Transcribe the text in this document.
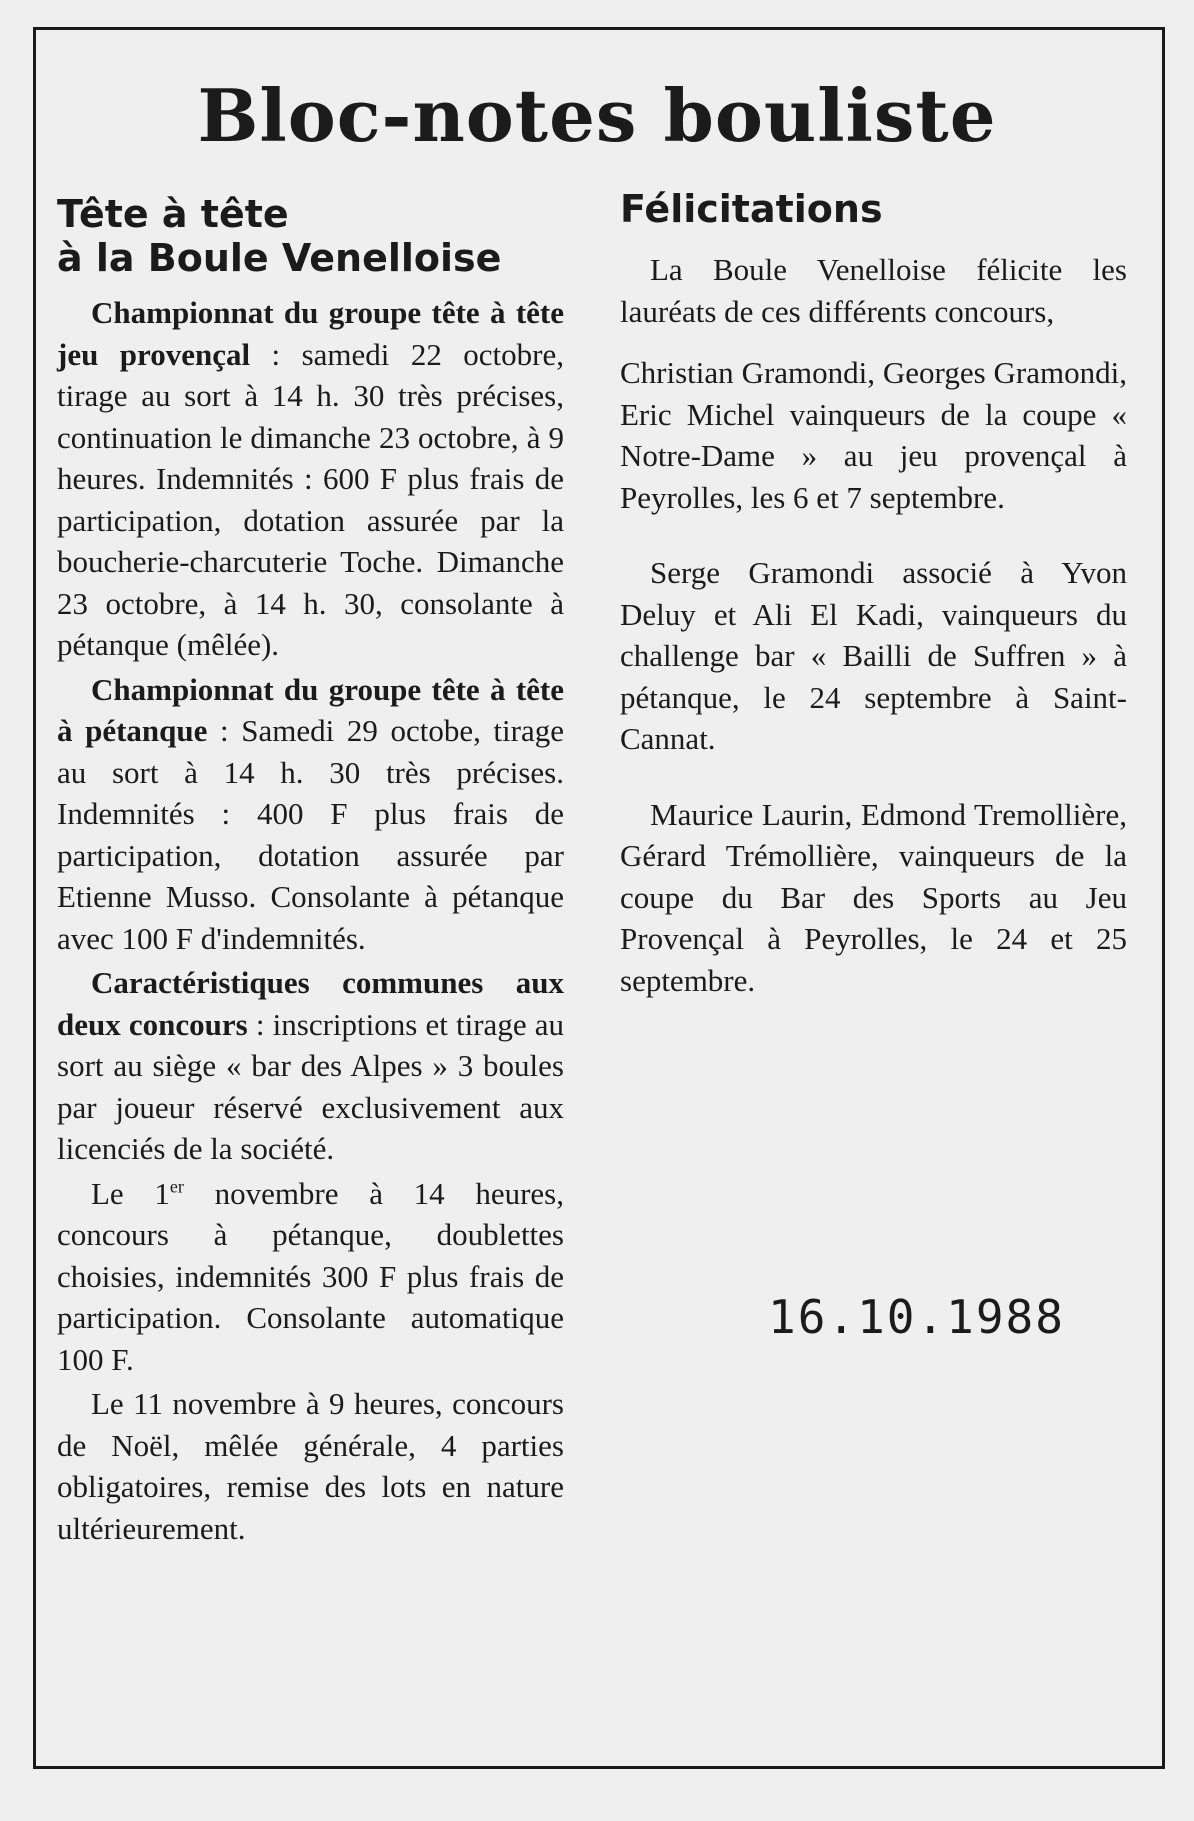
Bloc-notes bouliste
Tête à tête
à la Boule Venelloise

Championnat du groupe tête à tête jeu provençal : samedi 22 octobre, tirage au sort à 14 h. 30 très précises, continuation le dimanche 23 octobre, à 9 heures. Indemnités : 600 F plus frais de participation, dotation assurée par la boucherie-charcuterie Toche. Dimanche 23 octobre, à 14 h. 30, consolante à pétanque (mêlée).

Championnat du groupe tête à tête à pétanque : Samedi 29 octobe, tirage au sort à 14 h. 30 très précises. Indemnités : 400 F plus frais de participation, dotation assurée par Etienne Musso. Consolante à pétanque avec 100 F d'indemnités.

Caractéristiques communes aux deux concours : inscriptions et tirage au sort au siège « bar des Alpes » 3 boules par joueur réservé exclusivement aux licenciés de la société.

Le 1er novembre à 14 heures, concours à pétanque, doublettes choisies, indemnités 300 F plus frais de participation. Consolante automatique 100 F.

Le 11 novembre à 9 heures, concours de Noël, mêlée générale, 4 parties obligatoires, remise des lots en nature ultérieurement.

Félicitations

La Boule Venelloise félicite les lauréats de ces différents concours,

Christian Gramondi, Georges Gramondi, Eric Michel vainqueurs de la coupe « Notre-Dame » au jeu provençal à Peyrolles, les 6 et 7 septembre.

Serge Gramondi associé à Yvon Deluy et Ali El Kadi, vainqueurs du challenge bar « Bailli de Suffren » à pétanque, le 24 septembre à Saint-Cannat.

Maurice Laurin, Edmond Tremollière, Gérard Trémollière, vainqueurs de la coupe du Bar des Sports au Jeu Provençal à Peyrolles, le 24 et 25 septembre.

16.10.1988
